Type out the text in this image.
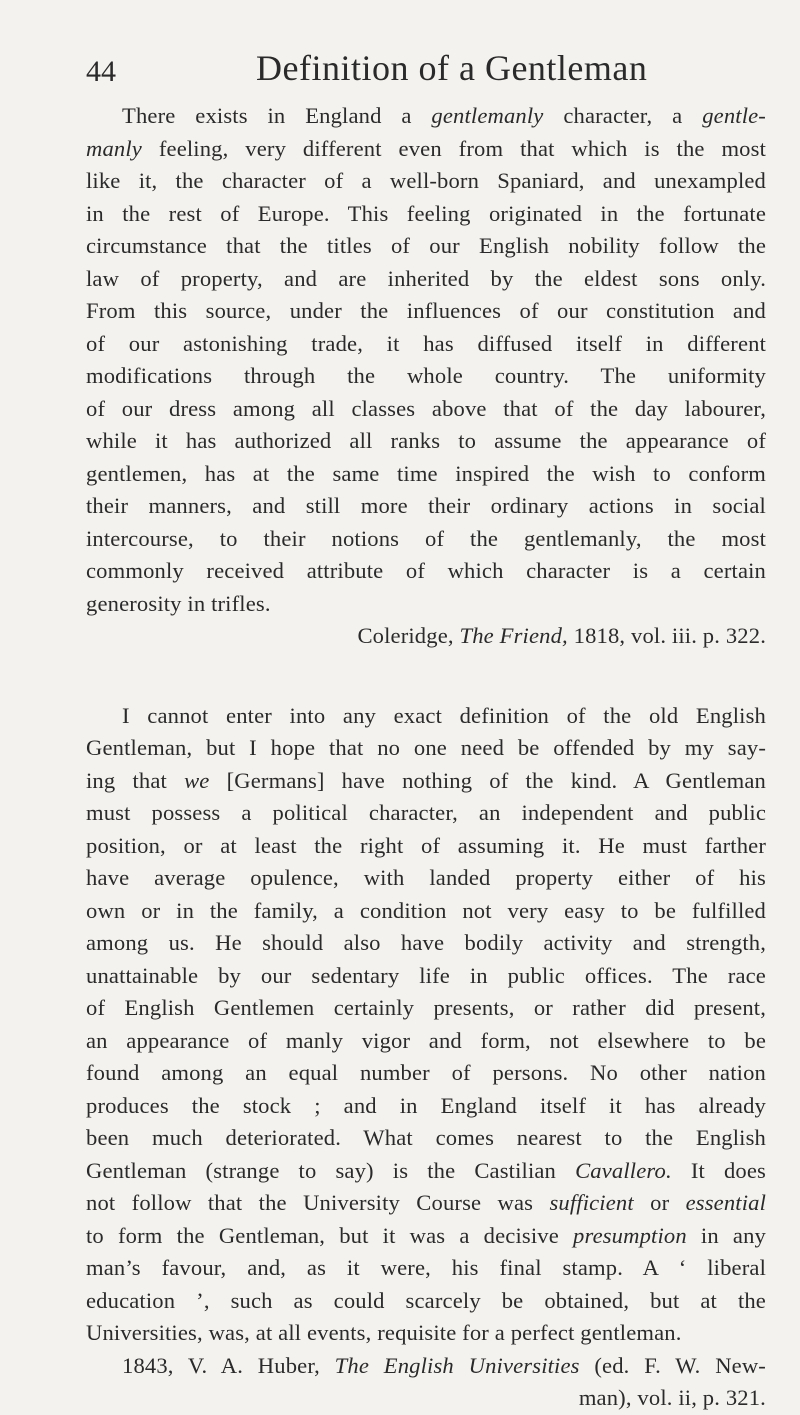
44	Definition of a Gentleman
There exists in England a gentlemanly character, a gentle-
manly feeling, very different even from that which is the most
like it, the character of a well-born Spaniard, and unexampled
in the rest of Europe. This feeling originated in the fortunate
circumstance that the titles of our English nobility follow the
law of property, and are inherited by the eldest sons only.
From this source, under the influences of our constitution and
of our astonishing trade, it has diffused itself in different
modifications through the whole country. The uniformity
of our dress among all classes above that of the day labourer,
while it has authorized all ranks to assume the appearance of
gentlemen, has at the same time inspired the wish to conform
their manners, and still more their ordinary actions in social
intercourse, to their notions of the gentlemanly, the most
commonly received attribute of which character is a certain
generosity in trifles.
Coleridge, The Friend, 1818, vol. iii. p. 322.
I cannot enter into any exact definition of the old English
Gentleman, but I hope that no one need be offended by my say-
ing that we [Germans] have nothing of the kind. A Gentleman
must possess a political character, an independent and public
position, or at least the right of assuming it. He must farther
have average opulence, with landed property either of his
own or in the family, a condition not very easy to be fulfilled
among us. He should also have bodily activity and strength,
unattainable by our sedentary life in public offices. The race
of English Gentlemen certainly presents, or rather did present,
an appearance of manly vigor and form, not elsewhere to be
found among an equal number of persons. No other nation
produces the stock ; and in England itself it has already
been much deteriorated. What comes nearest to the English
Gentleman (strange to say) is the Castilian Cavallero. It does
not follow that the University Course was sufficient or essential
to form the Gentleman, but it was a decisive presumption in any
man’s favour, and, as it were, his final stamp. A ‘ liberal
education ’, such as could scarcely be obtained, but at the
Universities, was, at all events, requisite for a perfect gentleman.
1843, V. A. Huber, The English Universities (ed. F. W. New-
man), vol. ii, p. 321.
